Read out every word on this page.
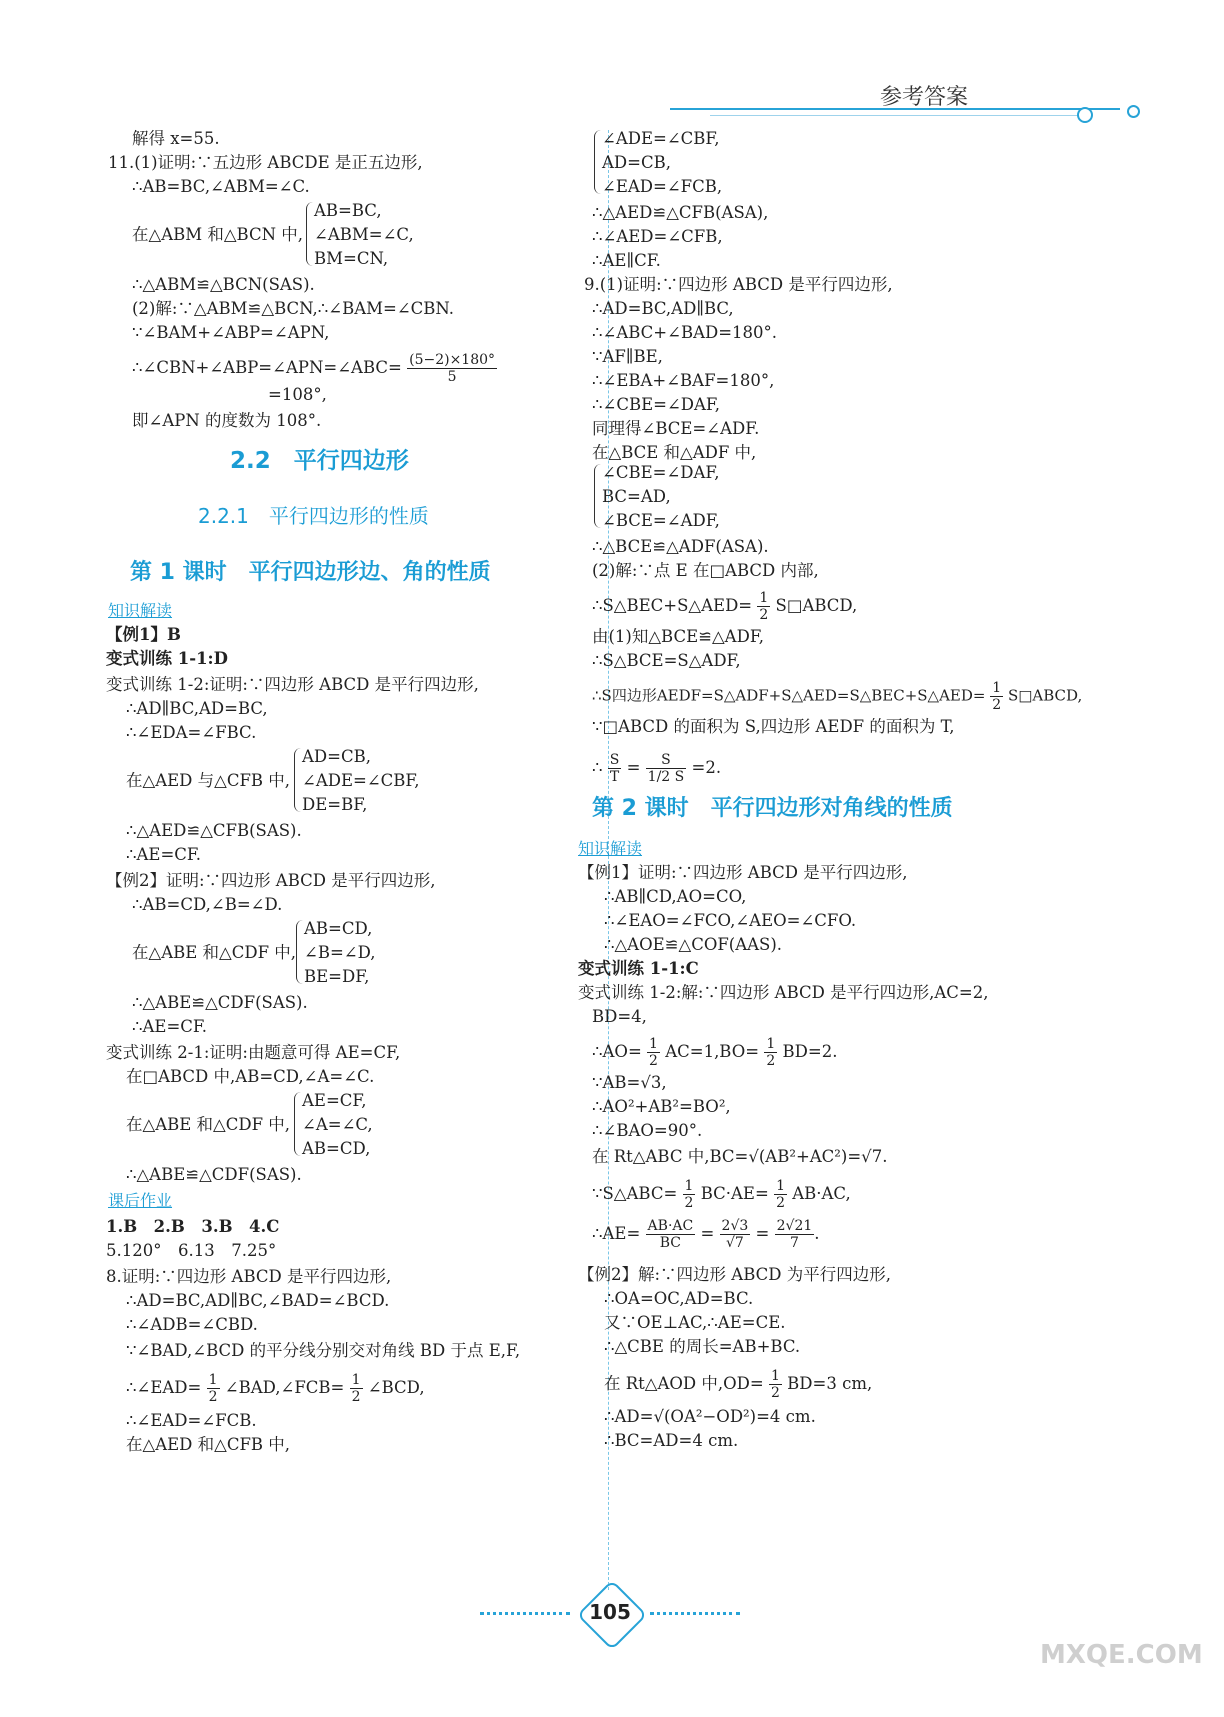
参考答案
解得 x=55.
11.(1)证明:∵五边形 ABCDE 是正五边形,
∴AB=BC,∠ABM=∠C.
在△ABM 和△BCN 中,
AB=BC,
∠ABM=∠C,
BM=CN,
∴△ABM≌△BCN(SAS).
(2)解:∵△ABM≌△BCN,∴∠BAM=∠CBN.
∵∠BAM+∠ABP=∠APN,
∴∠CBN+∠ABP=∠APN=∠ABC= $\frac{(5-2)\times 180^\circ}{5}$
=108°,
即∠APN 的度数为 108°.
2.2　平行四边形
2.2.1　平行四边形的性质
第 1 课时　平行四边形边、角的性质
知识解读
【例1】B
变式训练 1-1:D
变式训练 1-2:证明:∵四边形 ABCD 是平行四边形,
∴AD∥BC,AD=BC,
∴∠EDA=∠FBC.
在△AED 与△CFB 中,
AD=CB,
∠ADE=∠CBF,
DE=BF,
∴△AED≌△CFB(SAS).
∴AE=CF.
【例2】证明:∵四边形 ABCD 是平行四边形,
∴AB=CD,∠B=∠D.
在△ABE 和△CDF 中,
AB=CD,
∠B=∠D,
BE=DF,
∴△ABE≌△CDF(SAS).
∴AE=CF.
变式训练 2-1:证明:由题意可得 AE=CF,
在□ABCD 中,AB=CD,∠A=∠C.
在△ABE 和△CDF 中,
AE=CF,
∠A=∠C,
AB=CD,
∴△ABE≌△CDF(SAS).
课后作业
1.B　2.B　3.B　4.C
5.120°　6.13　7.25°
8.证明:∵四边形 ABCD 是平行四边形,
∴AD=BC,AD∥BC,∠BAD=∠BCD.
∴∠ADB=∠CBD.
∵∠BAD,∠BCD 的平分线分别交对角线 BD 于点 E,F,
∴∠EAD= $\frac{1}{2}$ ∠BAD,∠FCB= $\frac{1}{2}$ ∠BCD,
∴∠EAD=∠FCB.
在△AED 和△CFB 中,
∠ADE=∠CBF,
AD=CB,
∠EAD=∠FCB,
∴△AED≌△CFB(ASA),
∴∠AED=∠CFB,
∴AE∥CF.
9.(1)证明:∵四边形 ABCD 是平行四边形,
∴AD=BC,AD∥BC,
∴∠ABC+∠BAD=180°.
∵AF∥BE,
∴∠EBA+∠BAF=180°,
∴∠CBE=∠DAF,
同理得∠BCE=∠ADF.
在△BCE 和△ADF 中,
∠CBE=∠DAF,
BC=AD,
∠BCE=∠ADF,
∴△BCE≌△ADF(ASA).
(2)解:∵点 E 在□ABCD 内部,
∴S△BEC+S△AED= $\frac{1}{2}$ S□ABCD,
由(1)知△BCE≌△ADF,
∴S△BCE=S△ADF,
∴S四边形AEDF=S△ADF+S△AED=S△BEC+S△AED= $\frac{1}{2}$ S□ABCD,
∵□ABCD 的面积为 S,四边形 AEDF 的面积为 T,
∴ $\frac{S}{T} = \frac{S}{1/2 S} =2$.
第 2 课时　平行四边形对角线的性质
知识解读
【例1】证明:∵四边形 ABCD 是平行四边形,
∴AB∥CD,AO=CO,
∴∠EAO=∠FCO,∠AEO=∠CFO.
∴△AOE≌△COF(AAS).
变式训练 1-1:C
变式训练 1-2:解:∵四边形 ABCD 是平行四边形,AC=2,
BD=4,
∴AO= $\frac{1}{2} AC=1,BO= \frac{1}{2} BD=2$.
∵AB=√3,
∴AO²+AB²=BO²,
∴∠BAO=90°.
在 Rt△ABC 中,BC=√(AB²+AC²)=√7.
∵S△ABC= $\frac{1}{2} BC\cdot AE= \frac{1}{2} AB\cdot AC$,
∴AE= $\frac{AB\cdot AC}{BC} = \frac{2√3}{√7} = \frac{2√21}{7}$ .
【例2】解:∵四边形 ABCD 为平行四边形,
∴OA=OC,AD=BC.
又∵OE⊥AC,∴AE=CE.
∴△CBE 的周长=AB+BC.
在 Rt△AOD 中$,OD= \frac{1}{2} BD=3$ cm,
∴AD=√(OA²−OD²)=4 cm.
∴BC=AD=4 cm.
105
MXQE.COM
